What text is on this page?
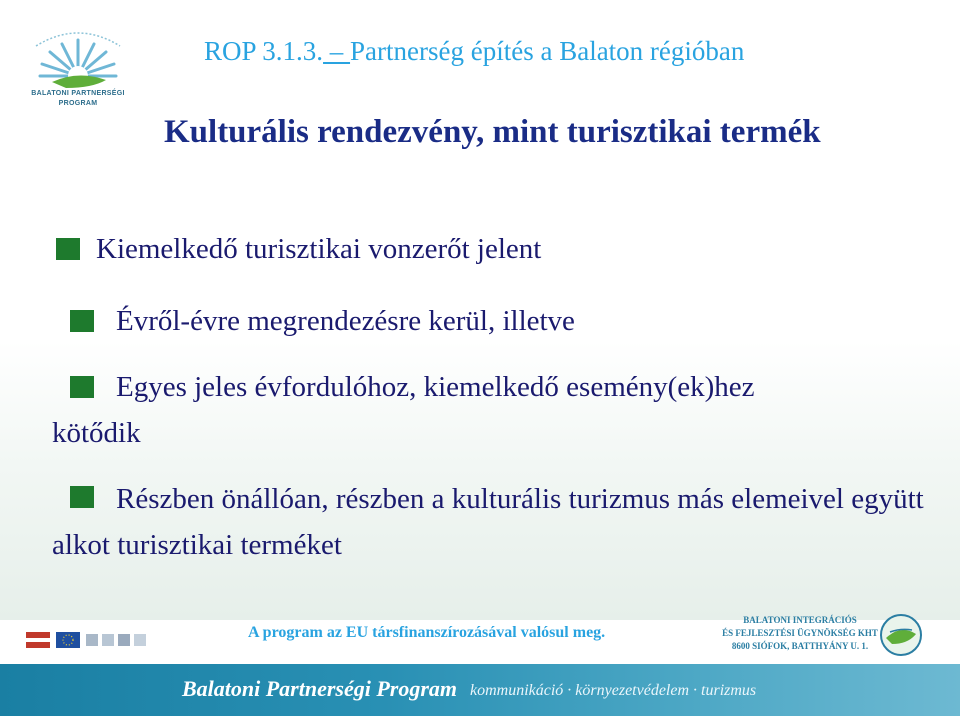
BALATONI PARTNERSÉGI
PROGRAM
ROP 3.1.3. – Partnerség építés a Balaton régióban
Kulturális rendezvény, mint turisztikai termék
Kiemelkedő turisztikai vonzerőt jelent
Évről-évre megrendezésre kerül, illetve
Egyes jeles évfordulóhoz, kiemelkedő esemény(ek)hez kötődik
Részben önállóan, részben a kulturális turizmus más elemeivel együtt alkot turisztikai terméket
A program az EU társfinanszírozásával valósul meg.
BALATONI INTEGRÁCIÓS
ÉS FEJLESZTÉSI ÜGYNÖKSÉG KHT
8600 SIÓFOK, BATTHYÁNY U. 1.
Balatoni Partnerségi Program kommunikáció · környezetvédelem · turizmus
